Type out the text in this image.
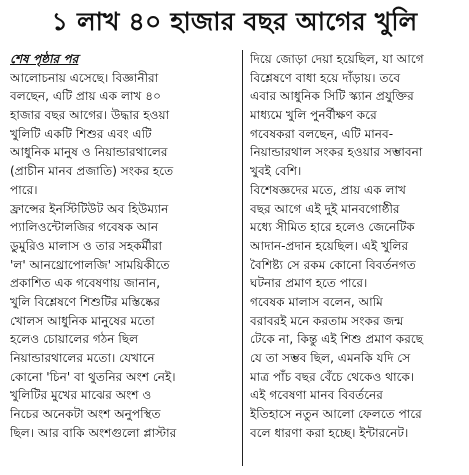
১ লাখ ৪০ হাজার বছর আগের খুলি
শেষ পৃষ্ঠার পর
আলোচনায় এসেছে। বিজ্ঞানীরা
বলছেন, এটি প্রায় এক লাখ ৪০
হাজার বছর আগের। উদ্ধার হওয়া
খুলিটি একটি শিশুর এবং এটি
আধুনিক মানুষ ও নিয়ান্ডারথালের
(প্রাচীন মানব প্রজাতি) সংকর হতে
পারে।
ফ্রান্সের ইনস্টিটিউট অব হিউম্যান
প্যালিওন্টোলজির গবেষক আন
ডুমুরিও মালাস ও তার সহকর্মীরা
'ল' আনথ্রোপোলজি' সাময়িকীতে
প্রকাশিত এক গবেষণায় জানান,
খুলি বিশ্লেষণে শিশুটির মস্তিষ্কের
খোলস আধুনিক মানুষের মতো
হলেও চোয়ালের গঠন ছিল
নিয়ান্ডারথালের মতো। যেখানে
কোনো 'চিন' বা থুতনির অংশ নেই।
খুলিটির মুখের মাঝের অংশ ও
নিচের অনেকটা অংশ অনুপস্থিত
ছিল। আর বাকি অংশগুলো প্লাস্টার
দিয়ে জোড়া দেয়া হয়েছিল, যা আগে
বিশ্লেষণে বাধা হয়ে দাঁড়ায়। তবে
এবার আধুনিক সিটি স্ক্যান প্রযুক্তির
মাধ্যমে খুলি পুনর্বীক্ষণ করে
গবেষকরা বলছেন, এটি মানব-
নিয়ান্ডারথাল সংকর হওয়ার সম্ভাবনা
খুবই বেশি।
বিশেষজ্ঞদের মতে, প্রায় এক লাখ
বছর আগে এই দুই মানবগোষ্ঠীর
মধ্যে সীমিত হারে হলেও জেনেটিক
আদান-প্রদান হয়েছিল। এই খুলির
বৈশিষ্ট্য সে রকম কোনো বিবর্তনগত
ঘটনার প্রমাণ হতে পারে।
গবেষক মালাস বলেন, আমি
বরাবরই মনে করতাম সংকর জন্ম
টেকে না, কিন্তু এই শিশু প্রমাণ করছে
যে তা সম্ভব ছিল, এমনকি যদি সে
মাত্র পাঁচ বছর বেঁচে থেকেও থাকে।
এই গবেষণা মানব বিবর্তনের
ইতিহাসে নতুন আলো ফেলতে পারে
বলে ধারণা করা হচ্ছে। ইন্টারনেট।
